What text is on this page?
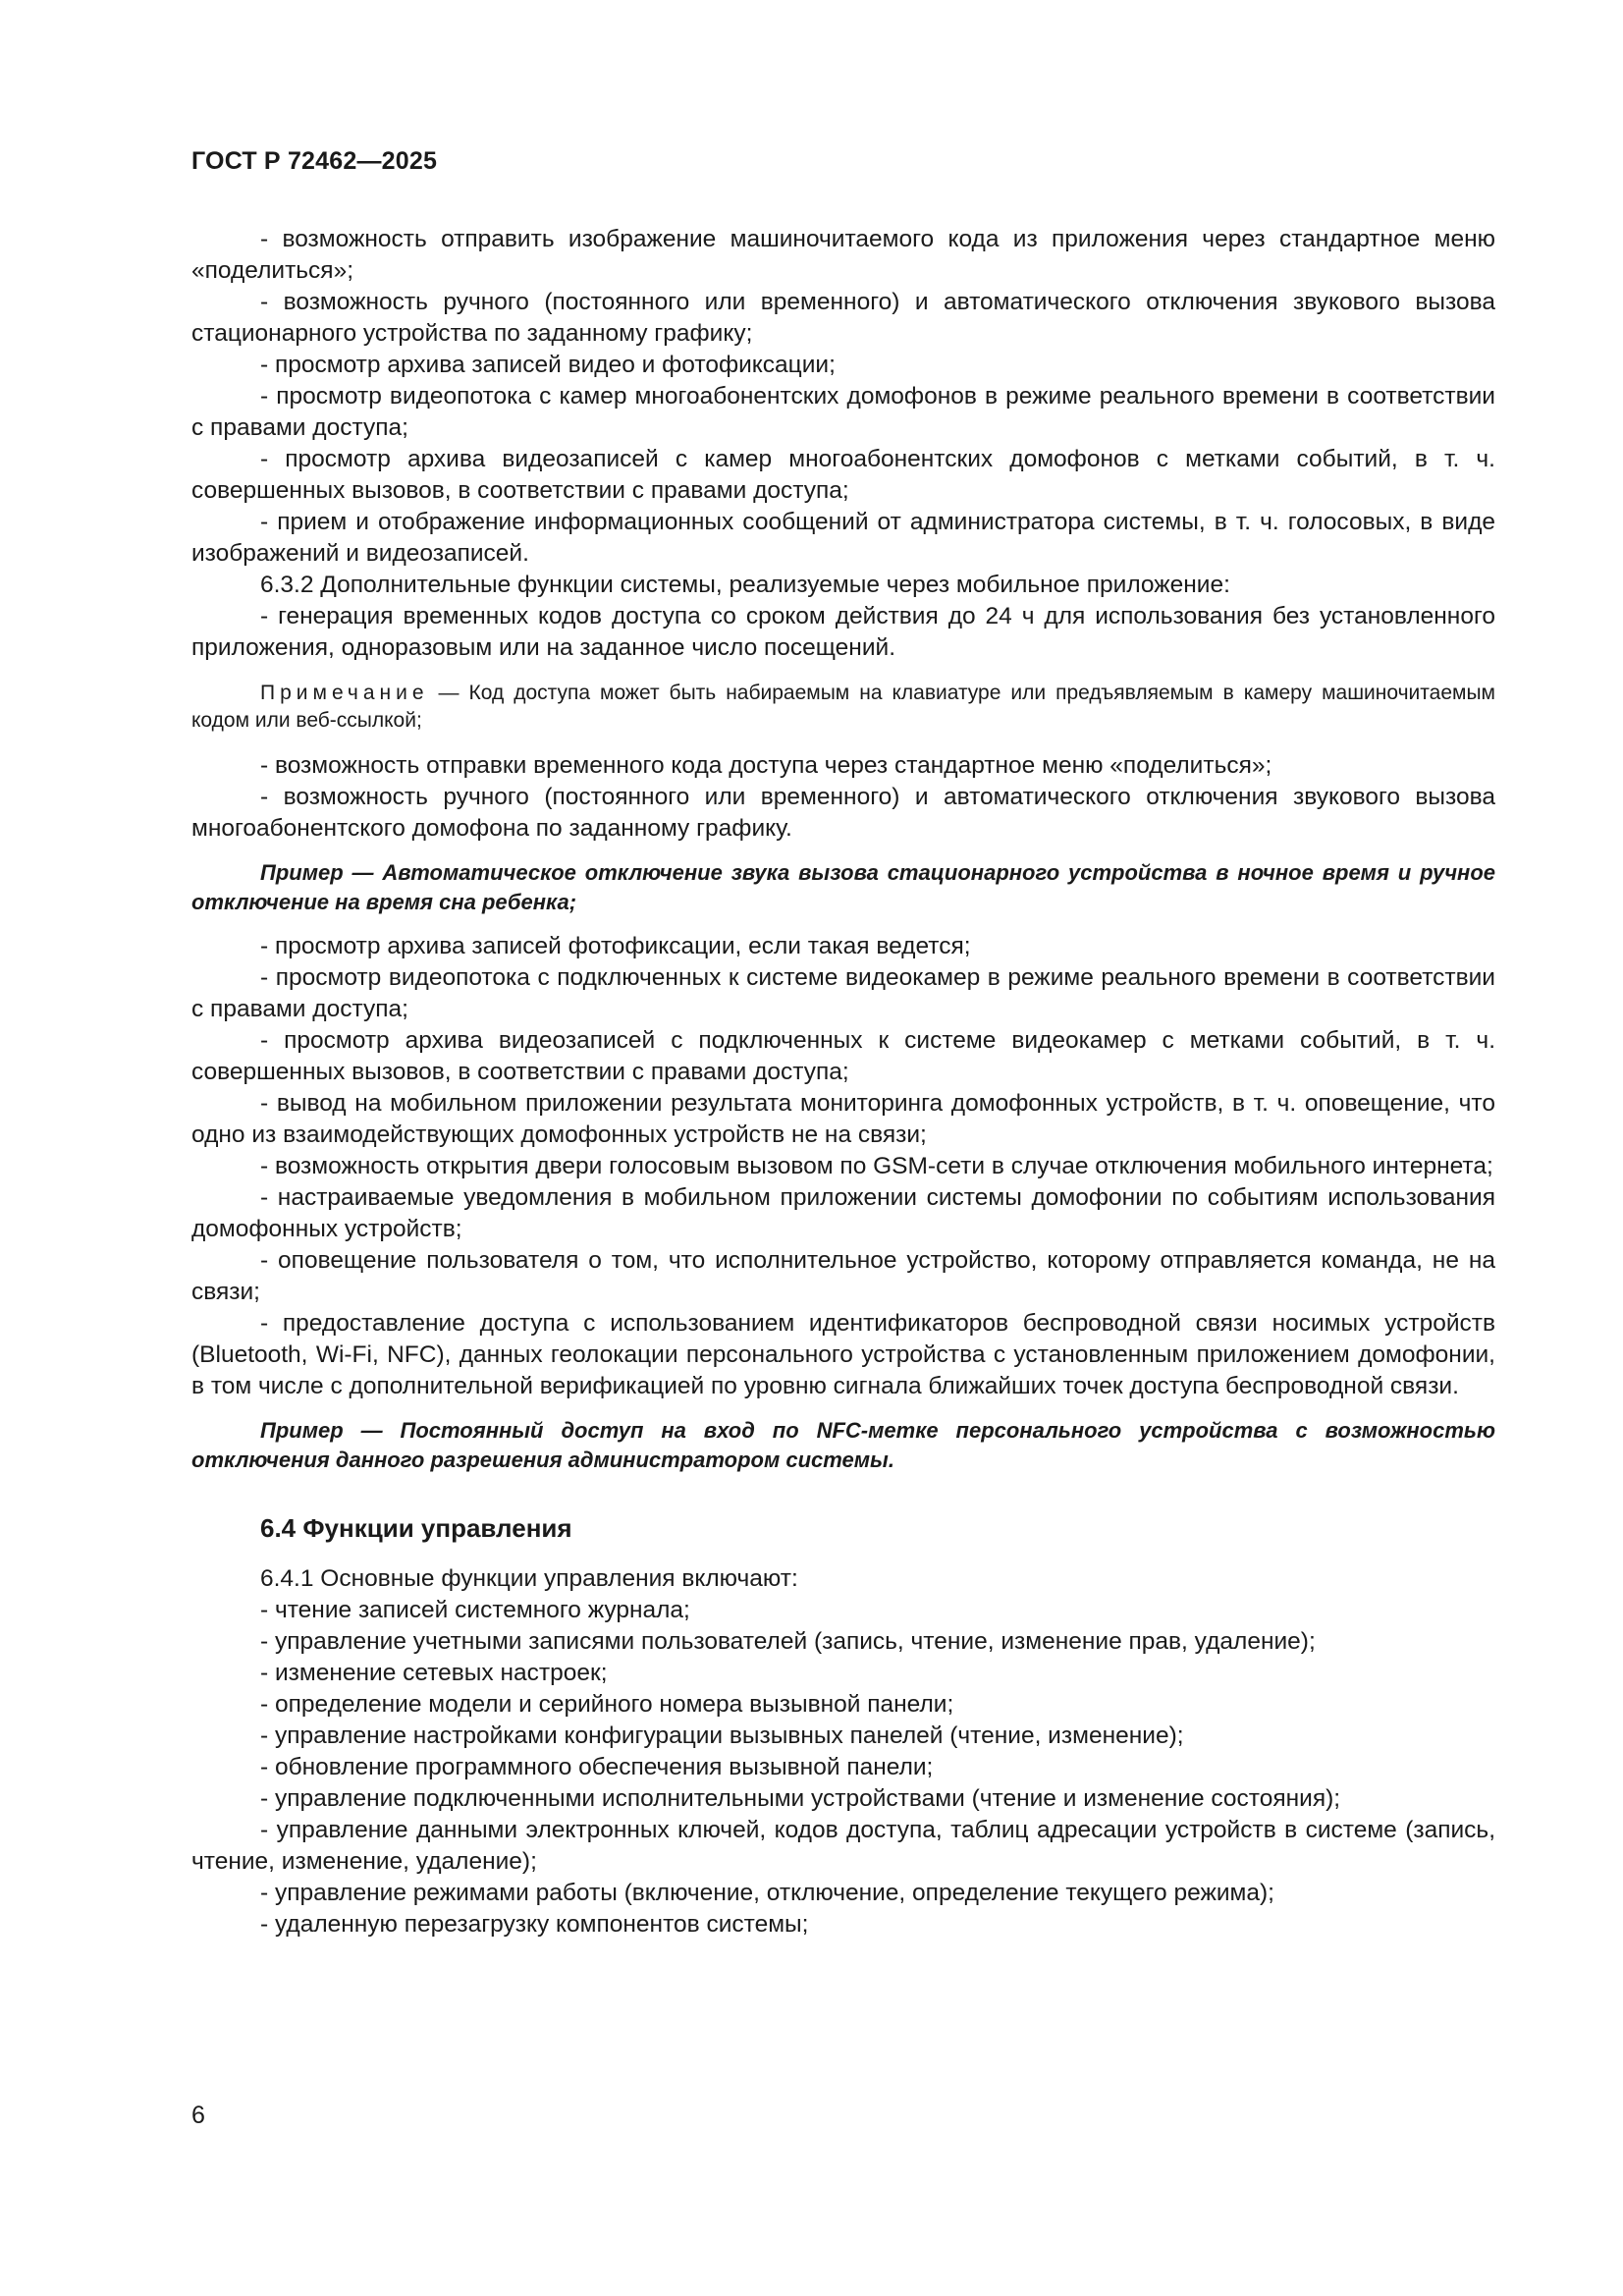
ГОСТ Р 72462—2025

- возможность отправить изображение машиночитаемого кода из приложения через стандартное меню «поделиться»;

- возможность ручного (постоянного или временного) и автоматического отключения звукового вызова стационарного устройства по заданному графику;

- просмотр архива записей видео и фотофиксации;

- просмотр видеопотока с камер многоабонентских домофонов в режиме реального времени в соответствии с правами доступа;

- просмотр архива видеозаписей с камер многоабонентских домофонов с метками событий, в т. ч. совершенных вызовов, в соответствии с правами доступа;

- прием и отображение информационных сообщений от администратора системы, в т. ч. голосовых, в виде изображений и видеозаписей.

6.3.2 Дополнительные функции системы, реализуемые через мобильное приложение:

- генерация временных кодов доступа со сроком действия до 24 ч для использования без установленного приложения, одноразовым или на заданное число посещений.

Примечание — Код доступа может быть набираемым на клавиатуре или предъявляемым в камеру машиночитаемым кодом или веб-ссылкой;

- возможность отправки временного кода доступа через стандартное меню «поделиться»;

- возможность ручного (постоянного или временного) и автоматического отключения звукового вызова многоабонентского домофона по заданному графику.

Пример — Автоматическое отключение звука вызова стационарного устройства в ночное время и ручное отключение на время сна ребенка;

- просмотр архива записей фотофиксации, если такая ведется;

- просмотр видеопотока с подключенных к системе видеокамер в режиме реального времени в соответствии с правами доступа;

- просмотр архива видеозаписей с подключенных к системе видеокамер с метками событий, в т. ч. совершенных вызовов, в соответствии с правами доступа;

- вывод на мобильном приложении результата мониторинга домофонных устройств, в т. ч. оповещение, что одно из взаимодействующих домофонных устройств не на связи;

- возможность открытия двери голосовым вызовом по GSM-сети в случае отключения мобильного интернета;

- настраиваемые уведомления в мобильном приложении системы домофонии по событиям использования домофонных устройств;

- оповещение пользователя о том, что исполнительное устройство, которому отправляется команда, не на связи;

- предоставление доступа с использованием идентификаторов беспроводной связи носимых устройств (Bluetooth, Wi-Fi, NFC), данных геолокации персонального устройства с установленным приложением домофонии, в том числе с дополнительной верификацией по уровню сигнала ближайших точек доступа беспроводной связи.

Пример — Постоянный доступ на вход по NFC-метке персонального устройства с возможностью отключения данного разрешения администратором системы.

6.4 Функции управления

6.4.1 Основные функции управления включают:

- чтение записей системного журнала;

- управление учетными записями пользователей (запись, чтение, изменение прав, удаление);

- изменение сетевых настроек;

- определение модели и серийного номера вызывной панели;

- управление настройками конфигурации вызывных панелей (чтение, изменение);

- обновление программного обеспечения вызывной панели;

- управление подключенными исполнительными устройствами (чтение и изменение состояния);

- управление данными электронных ключей, кодов доступа, таблиц адресации устройств в системе (запись, чтение, изменение, удаление);

- управление режимами работы (включение, отключение, определение текущего режима);

- удаленную перезагрузку компонентов системы;

6
